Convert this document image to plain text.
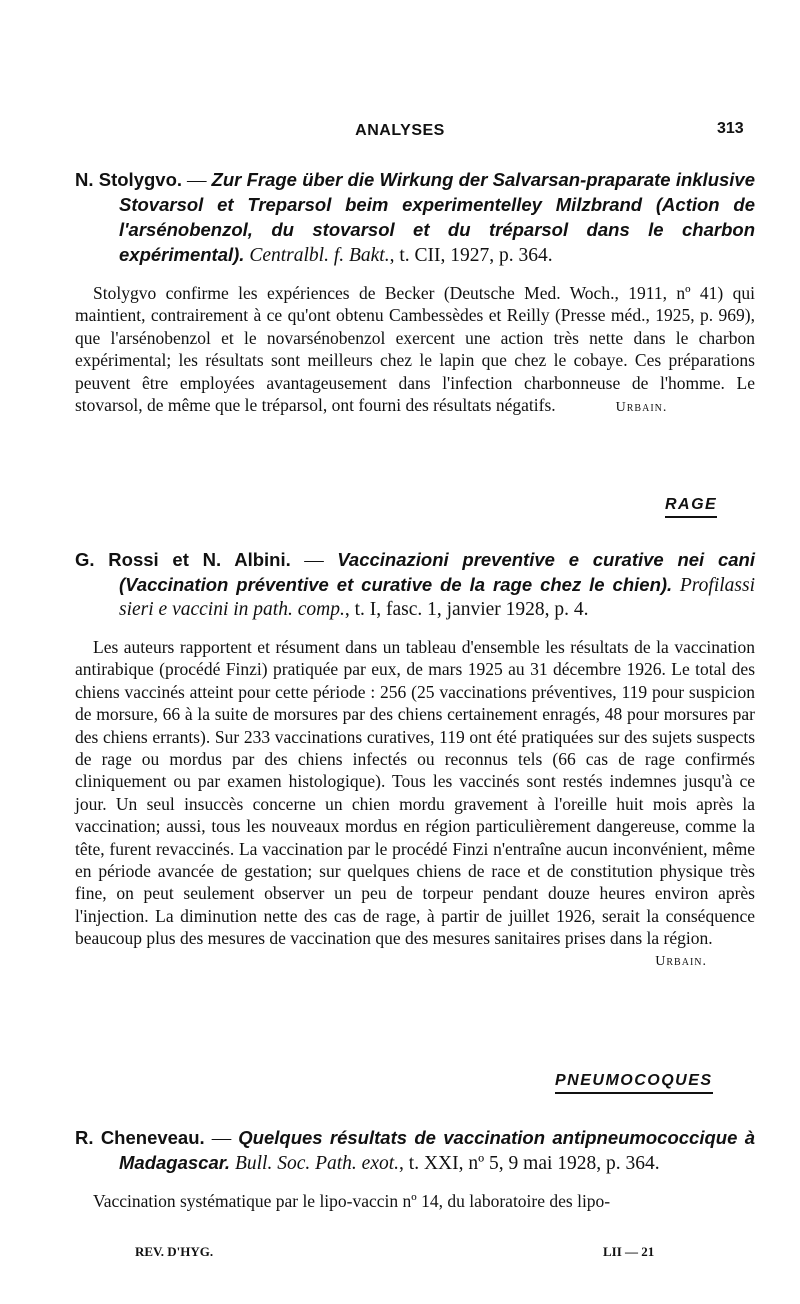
ANALYSES	313

N. Stolygvo. — Zur Frage über die Wirkung der Salvarsan-praparate inklusive Stovarsol et Treparsol beim experimentelley Milzbrand (Action de l'arsénobenzol, du stovarsol et du tréparsol dans le charbon expérimental). Centralbl. f. Bakt., t. CII, 1927, p. 364.

Stolygvo confirme les expériences de Becker (Deutsche Med. Woch., 1911, nº 41) qui maintient, contrairement à ce qu'ont obtenu Cambessèdes et Reilly (Presse méd., 1925, p. 969), que l'arsénobenzol et le novarsénobenzol exercent une action très nette dans le charbon expérimental; les résultats sont meilleurs chez le lapin que chez le cobaye. Ces préparations peuvent être employées avantageusement dans l'infection charbonneuse de l'homme. Le stovarsol, de même que le tréparsol, ont fourni des résultats négatifs.	Urbain.

RAGE

G. Rossi et N. Albini. — Vaccinazioni preventive e curative nei cani (Vaccination préventive et curative de la rage chez le chien). Profilassi sieri e vaccini in path. comp., t. I, fasc. 1, janvier 1928, p. 4.

Les auteurs rapportent et résument dans un tableau d'ensemble les résultats de la vaccination antirabique (procédé Finzi) pratiquée par eux, de mars 1925 au 31 décembre 1926. Le total des chiens vaccinés atteint pour cette période : 256 (25 vaccinations préventives, 119 pour suspicion de morsure, 66 à la suite de morsures par des chiens certainement enragés, 48 pour morsures par des chiens errants). Sur 233 vaccinations curatives, 119 ont été pratiquées sur des sujets suspects de rage ou mordus par des chiens infectés ou reconnus tels (66 cas de rage confirmés cliniquement ou par examen histologique). Tous les vaccinés sont restés indemnes jusqu'à ce jour. Un seul insuccès concerne un chien mordu gravement à l'oreille huit mois après la vaccination; aussi, tous les nouveaux mordus en région particulièrement dangereuse, comme la tête, furent revaccinés. La vaccination par le procédé Finzi n'entraîne aucun inconvénient, même en période avancée de gestation; sur quelques chiens de race et de constitution physique très fine, on peut seulement observer un peu de torpeur pendant douze heures environ après l'injection. La diminution nette des cas de rage, à partir de juillet 1926, serait la conséquence beaucoup plus des mesures de vaccination que des mesures sanitaires prises dans la région.

Urbain.
PNEUMOCOQUES

R. Cheneveau. — Quelques résultats de vaccination antipneumococcique à Madagascar. Bull. Soc. Path. exot., t. XXI, nº 5, 9 mai 1928, p. 364.

Vaccination systématique par le lipo-vaccin nº 14, du laboratoire des lipo-

REV. D'HYG.	LII — 21
